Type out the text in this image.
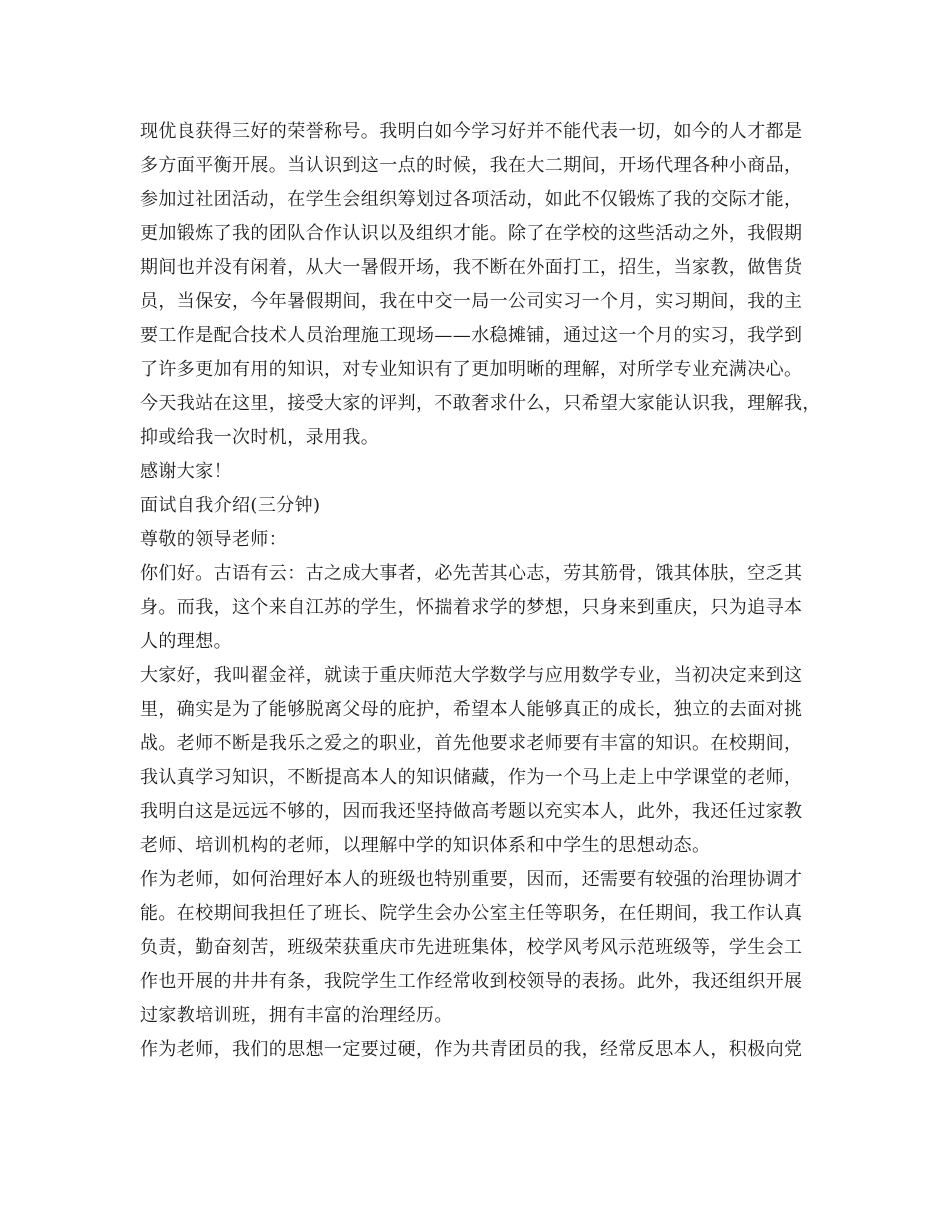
现优良获得三好的荣誉称号。我明白如今学习好并不能代表一切，如今的人才都是
多方面平衡开展。当认识到这一点的时候，我在大二期间，开场代理各种小商品，
参加过社团活动，在学生会组织筹划过各项活动，如此不仅锻炼了我的交际才能，
更加锻炼了我的团队合作认识以及组织才能。除了在学校的这些活动之外，我假期
期间也并没有闲着，从大一暑假开场，我不断在外面打工，招生，当家教，做售货
员，当保安，今年暑假期间，我在中交一局一公司实习一个月，实习期间，我的主
要工作是配合技术人员治理施工现场——水稳摊铺，通过这一个月的实习，我学到
了许多更加有用的知识，对专业知识有了更加明晰的理解，对所学专业充满决心。
今天我站在这里，接受大家的评判，不敢奢求什么，只希望大家能认识我，理解我，
抑或给我一次时机，录用我。
感谢大家！
面试自我介绍(三分钟)
尊敬的领导老师：
你们好。古语有云：古之成大事者，必先苦其心志，劳其筋骨，饿其体肤，空乏其
身。而我，这个来自江苏的学生，怀揣着求学的梦想，只身来到重庆，只为追寻本
人的理想。
大家好，我叫翟金祥，就读于重庆师范大学数学与应用数学专业，当初决定来到这
里，确实是为了能够脱离父母的庇护，希望本人能够真正的成长，独立的去面对挑
战。老师不断是我乐之爱之的职业，首先他要求老师要有丰富的知识。在校期间，
我认真学习知识，不断提高本人的知识储藏，作为一个马上走上中学课堂的老师，
我明白这是远远不够的，因而我还坚持做高考题以充实本人，此外，我还任过家教
老师、培训机构的老师，以理解中学的知识体系和中学生的思想动态。
作为老师，如何治理好本人的班级也特别重要，因而，还需要有较强的治理协调才
能。在校期间我担任了班长、院学生会办公室主任等职务，在任期间，我工作认真
负责，勤奋刻苦，班级荣获重庆市先进班集体，校学风考风示范班级等，学生会工
作也开展的井井有条，我院学生工作经常收到校领导的表扬。此外，我还组织开展
过家教培训班，拥有丰富的治理经历。
作为老师，我们的思想一定要过硬，作为共青团员的我，经常反思本人，积极向党
